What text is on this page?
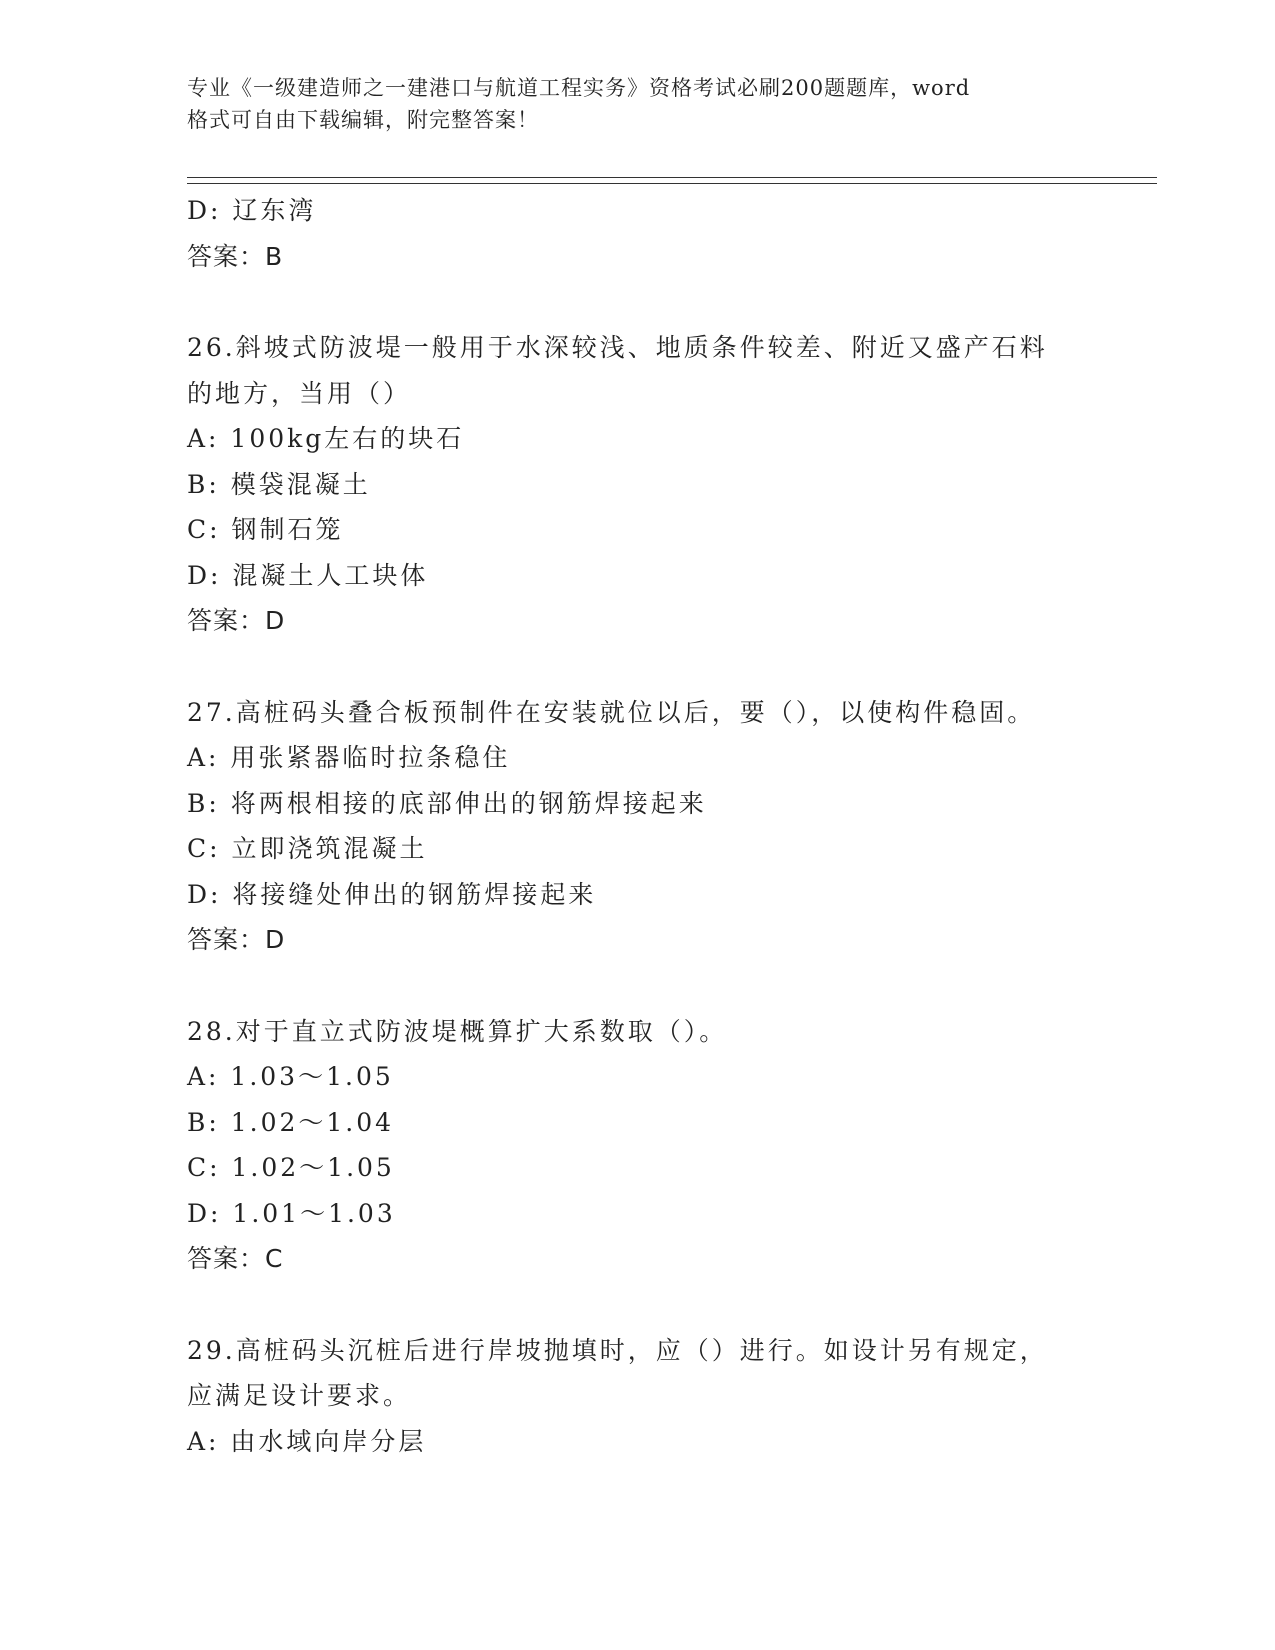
专业《一级建造师之一建港口与航道工程实务》资格考试必刷200题题库，word
格式可自由下载编辑，附完整答案！
D: 辽东湾
答案：B
26.斜坡式防波堤一般用于水深较浅、地质条件较差、附近又盛产石料
的地方，当用（）
A: 100kg左右的块石
B: 模袋混凝土
C: 钢制石笼
D: 混凝土人工块体
答案：D
27.高桩码头叠合板预制件在安装就位以后，要（），以使构件稳固。
A: 用张紧器临时拉条稳住
B: 将两根相接的底部伸出的钢筋焊接起来
C: 立即浇筑混凝土
D: 将接缝处伸出的钢筋焊接起来
答案：D
28.对于直立式防波堤概算扩大系数取（）。
A: 1.03～1.05
B: 1.02～1.04
C: 1.02～1.05
D: 1.01～1.03
答案：C
29.高桩码头沉桩后进行岸坡抛填时，应（）进行。如设计另有规定，
应满足设计要求。
A: 由水域向岸分层
